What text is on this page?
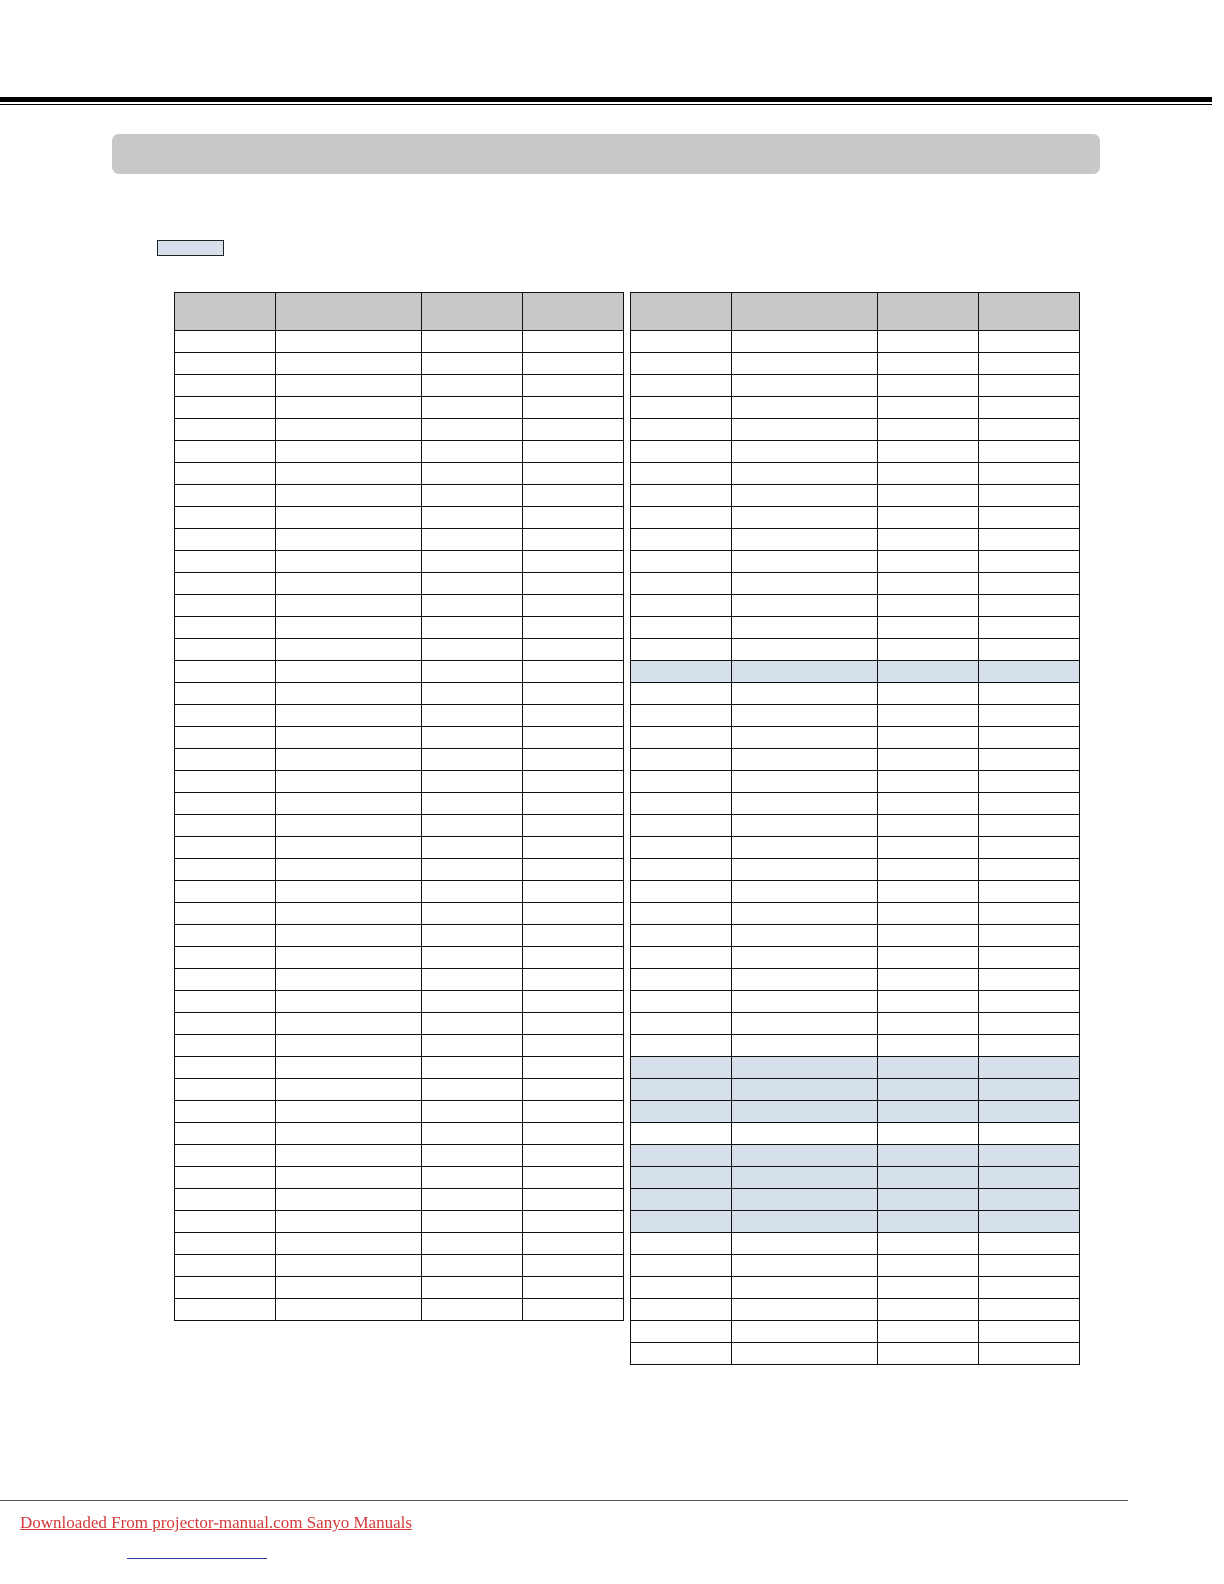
Downloaded From projector-manual.com Sanyo Manuals
